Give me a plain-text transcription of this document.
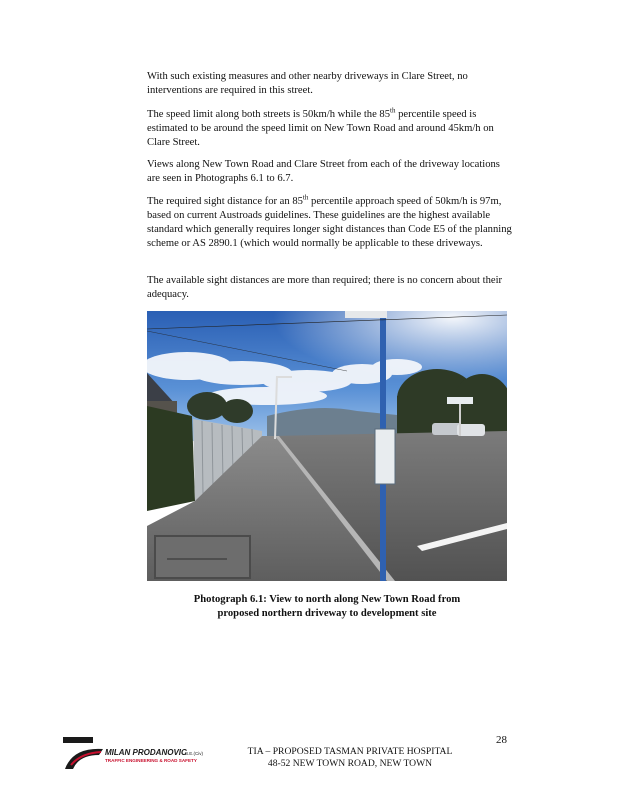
With such existing measures and other nearby driveways in Clare Street, no interventions are required in this street.

The speed limit along both streets is 50km/h while the 85th percentile speed is estimated to be around the speed limit on New Town Road and around 45km/h on Clare Street.

Views along New Town Road and Clare Street from each of the driveway locations are seen in Photographs 6.1 to 6.7.

The required sight distance for an 85th percentile approach speed of 50km/h is 97m, based on current Austroads guidelines. These guidelines are the highest available standard which generally requires longer sight distances than Code E5 of the planning scheme or AS 2890.1 (which would normally be applicable to these driveways.

The available sight distances are more than required; there is no concern about their adequacy.

Photograph 6.1: View to north along New Town Road from
proposed northern driveway to development site

28
MILAN PRODANOVIC
B.E.(Civ)
TRAFFIC ENGINEERING & ROAD SAFETY
TIA – PROPOSED TASMAN PRIVATE HOSPITAL
48-52 NEW TOWN ROAD, NEW TOWN
